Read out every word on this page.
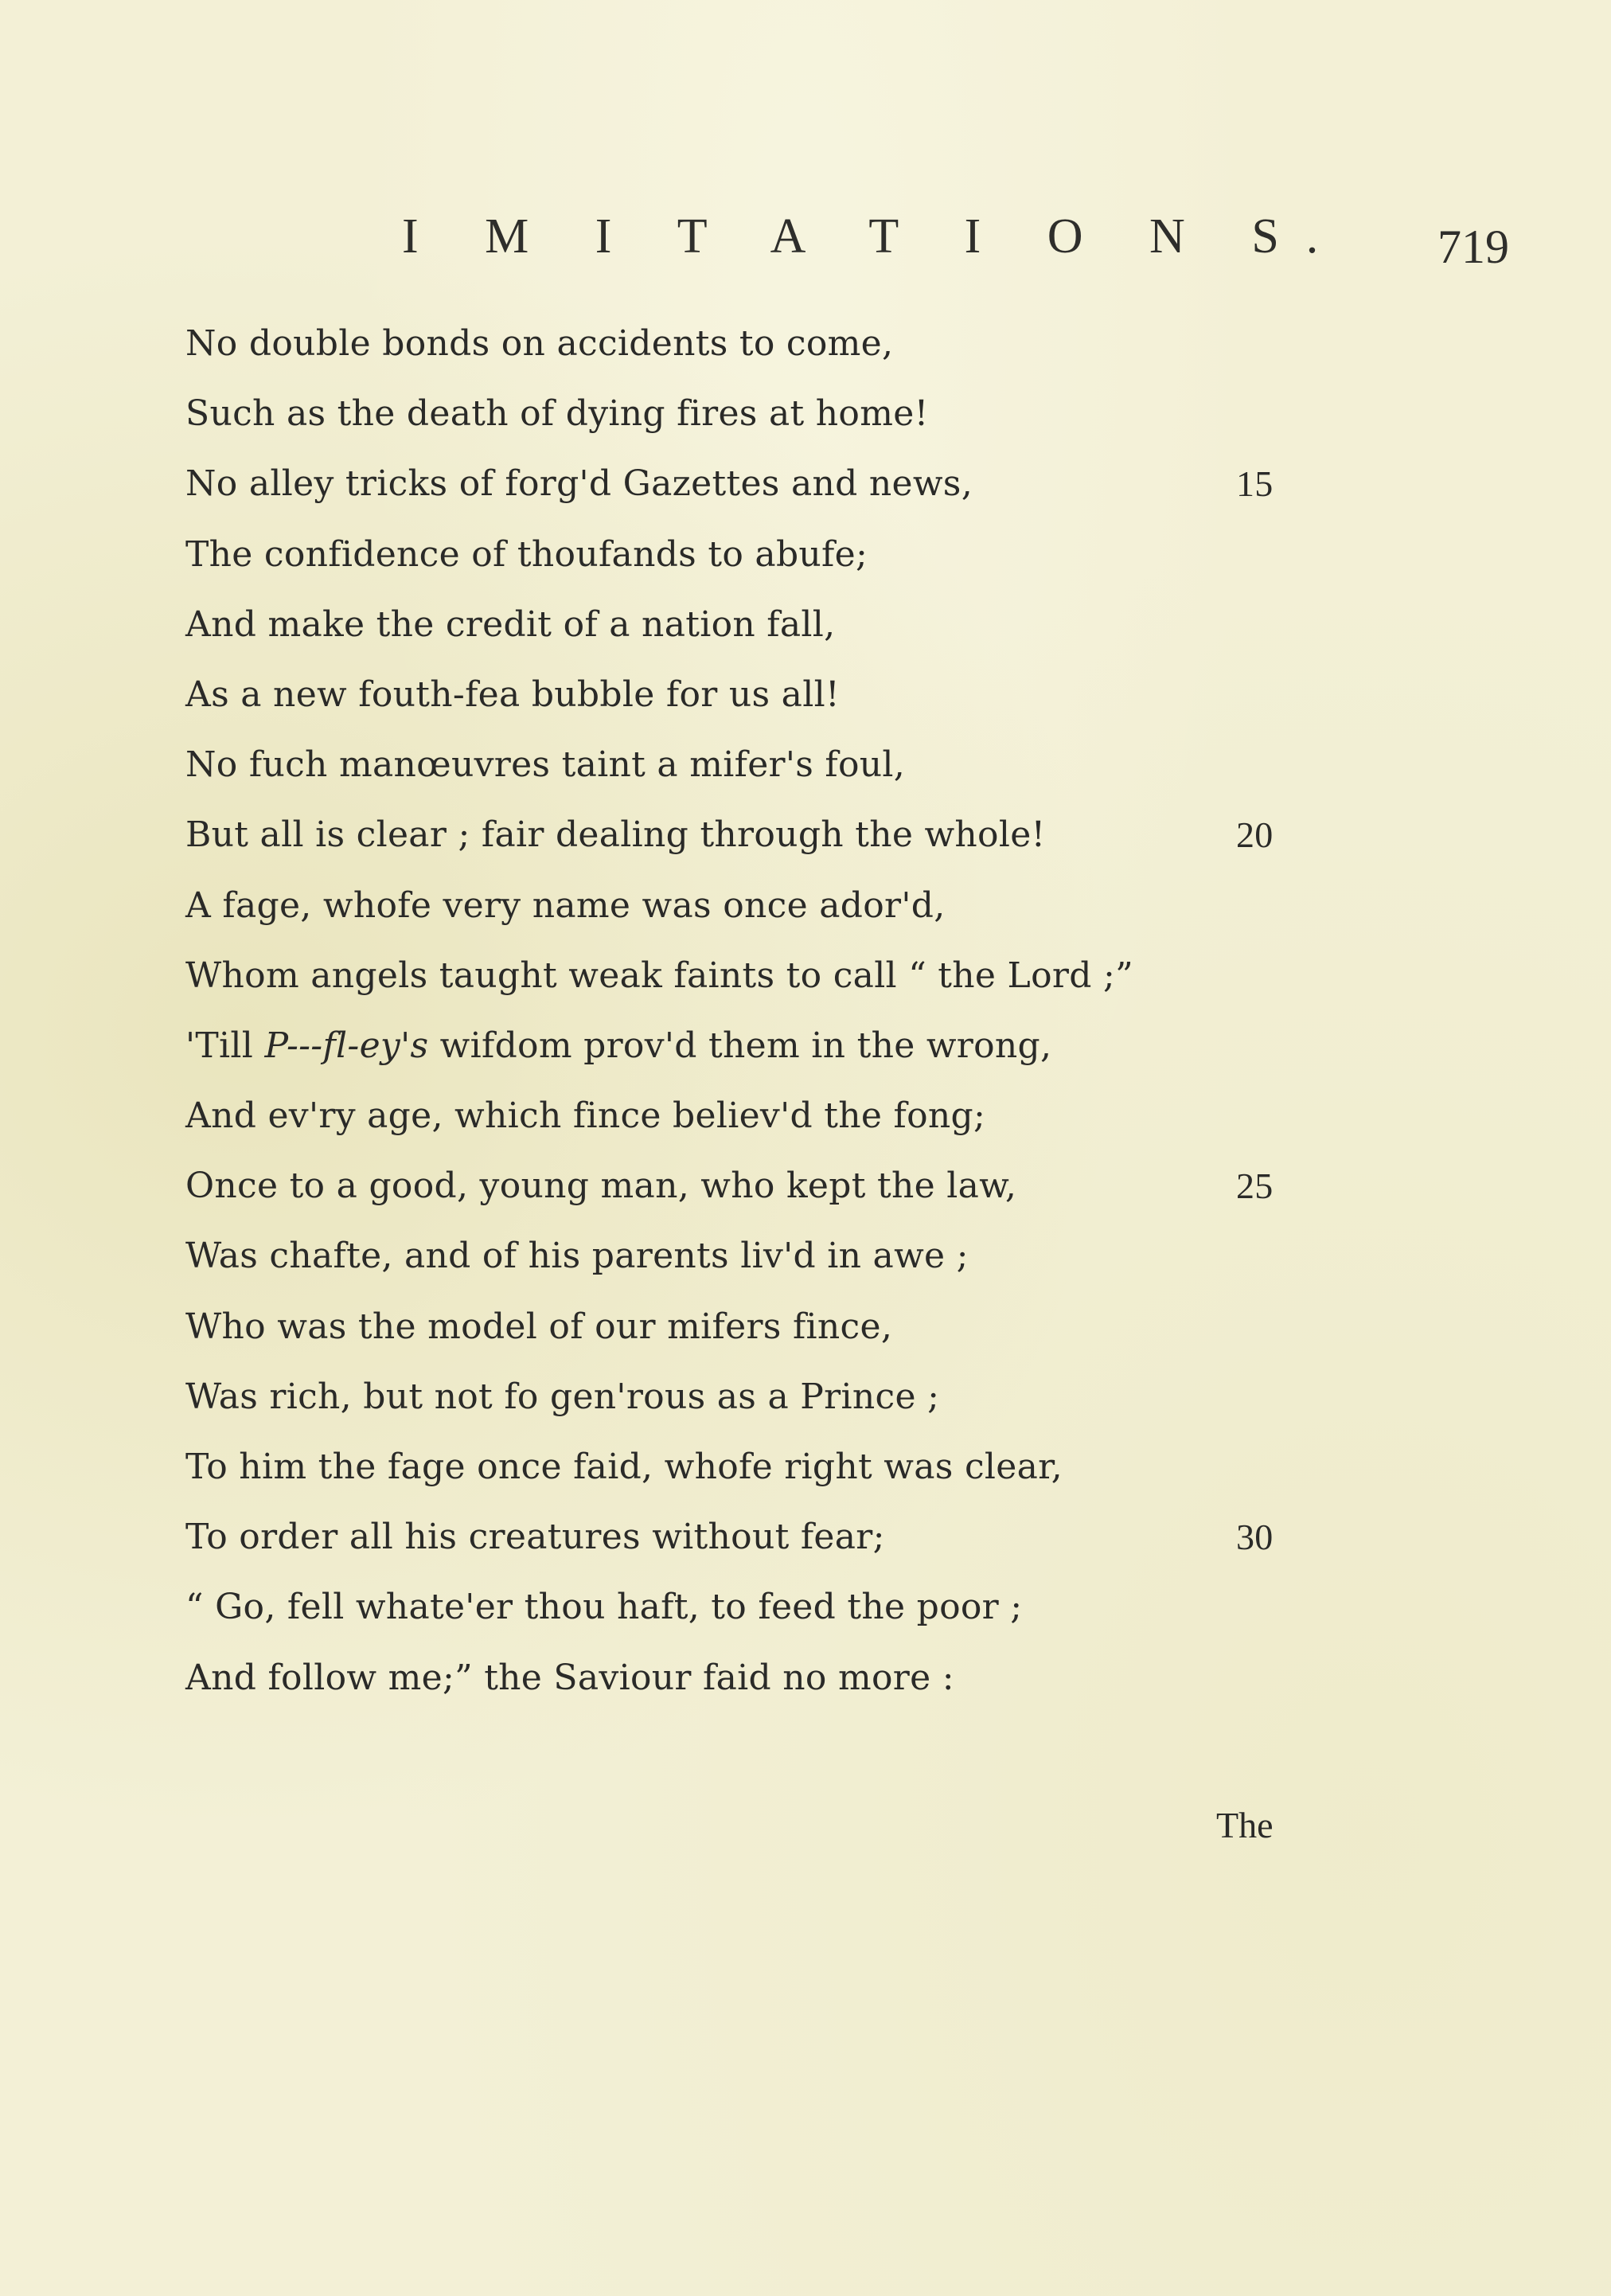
I M I T A T I O N S. 719
No double bonds on accidents to come,
Such as the death of dying fires at home!
No alley tricks of forg'd Gazettes and news,	15
The confidence of thoufands to abufe;
And make the credit of a nation fall,
As a new fouth-fea bubble for us all!
No fuch manœuvres taint a mifer's foul,
But all is clear ; fair dealing through the whole!	20
A fage, whofe very name was once ador'd,
Whom angels taught weak faints to call “ the Lord ;”
'Till P---fl-ey's wifdom prov'd them in the wrong,
And ev'ry age, which fince believ'd the fong;
Once to a good, young man, who kept the law,	25
Was chafte, and of his parents liv'd in awe ;
Who was the model of our mifers fince,
Was rich, but not fo gen'rous as a Prince ;
To him the fage once faid, whofe right was clear,
To order all his creatures without fear;	30
“ Go, fell whate'er thou haft, to feed the poor ;
And follow me;” the Saviour faid no more :
The
